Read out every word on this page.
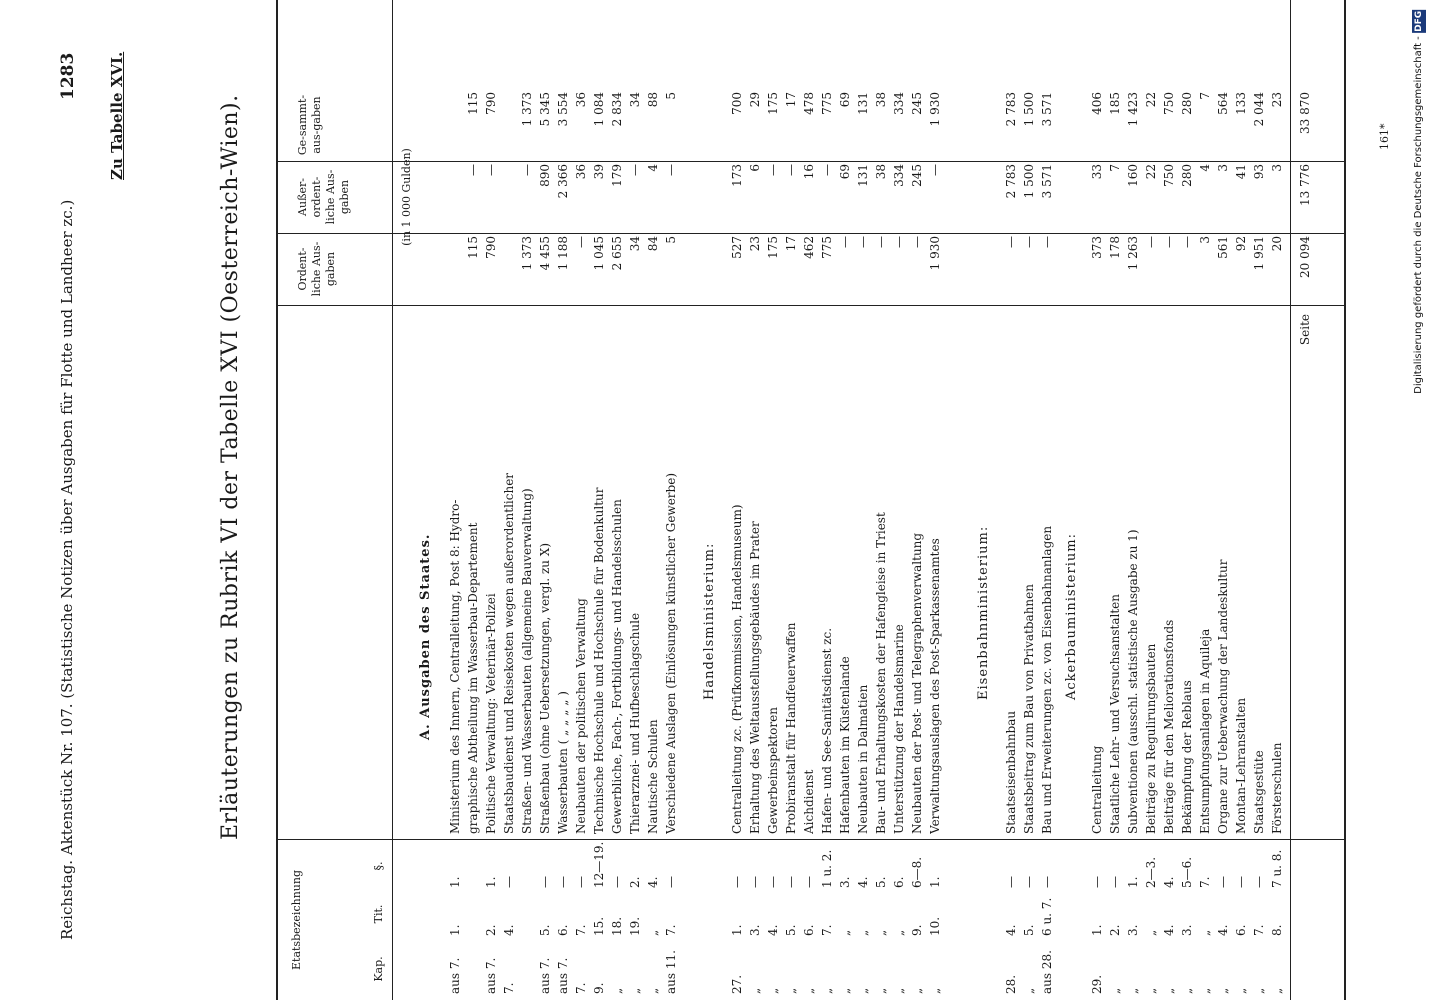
Reichstag. Aktenstück Nr. 107. (Statistische Notizen über Ausgaben für Flotte und Landheer zc.)
1283 Zu Tabelle XVI.	Erläuterungen zu Rubrik VI der Tabelle XVI (Oesterreich-Wien).
Etatsbezeichnung	Kap.
Tit.
§.
Ordent-liche Aus-gaben
Außer-ordent-liche Aus-gaben
Ge-sammt-aus-gaben
(in 1 000 Gulden)
A. Ausgaben des Staates.
aus 7.
1.
1.
Ministerium des Innern, Centralleitung, Post 8: Hydro- graphische Abtheilung im Wasserbau-Departement
115
—
115
aus 7.
2.
1.
Politische Verwaltung: Veterinär-Polizei
790
—
790
7.
4.
—
Staatsbaudienst und Reisekosten wegen außerordentlicher Straßen- und Wasserbauten (allgemeine Bauverwaltung)
1 373
—
1 373
aus 7.
5.
—
Straßenbau (ohne Uebersetzungen, vergl. zu X)
4 455
890
5 345
aus 7.
6.
—
Wasserbauten ( „ „ „ „ )
1 188
2 366
3 554
7.
7.
—
Neubauten der politischen Verwaltung
—
36
36
9.
15.
12—19.
Technische Hochschule und Hochschule für Bodenkultur
1 045
39
1 084
„
18.
—
Gewerbliche, Fach-, Fortbildungs- und Handelsschulen
2 655
179
2 834
„
19.
2.
Thierarznei- und Hufbeschlagschule
34
—
34
„
„
4.
Nautische Schulen
84
4
88
aus 11.
7.
—
Verschiedene Auslagen (Einlösungen künstlicher Gewerbe)
5
—
5
Handelsministerium:
27.
1.
—
Centralleitung zc. (Prüfkommission, Handelsmuseum)
527
173
700
„
3.
—
Erhaltung des Weltausstellungsgebäudes im Prater
23
6
29
„
4.
—
Gewerbeinspektoren
175
—
175
„
5.
—
Probiranstalt für Handfeuerwaffen
17
—
17
„
6.
—
Aichdienst
462
16
478
„
7.
1 u. 2.
Hafen- und See-Sanitätsdienst zc.
775
—
775
„
„
3.
Hafenbauten im Küstenlande
—
69
69
„
„
4.
Neubauten in Dalmatien
—
131
131
„
„
5.
Bau- und Erhaltungskosten der Hafengleise in Triest
—
38
38
„
„
6.
Unterstützung der Handelsmarine
—
334
334
„
9.
6—8.
Neubauten der Post- und Telegraphenverwaltung
—
245
245
„
10.
1.
Verwaltungsauslagen des Post-Sparkassenamtes
1 930
—
1 930
Eisenbahnministerium:
28.
4.
—
Staatseisenbahnbau
—
2 783
2 783
„
5.
—
Staatsbeitrag zum Bau von Privatbahnen
—
1 500
1 500
aus 28.
6 u. 7.
—
Bau und Erweiterungen zc. von Eisenbahnanlagen
—
3 571
3 571
Ackerbauministerium:
29.
1.
—
Centralleitung
373
33
406
„
2.
—
Staatliche Lehr- und Versuchsanstalten
178
7
185
„
3.
1.
Subventionen (ausschl. statistische Ausgabe zu 1)
1 263
160
1 423
„
„
2—3.
Beiträge zu Regulirungsbauten
—
22
22
„
4.
4.
Beiträge für den Meliorationsfonds
—
750
750
„
3.
5—6.
Bekämpfung der Reblaus
—
280
280
„
„
7.
Entsumpfungsanlagen in Aquileja
3
4
7
„
4.
—
Organe zur Ueberwachung der Landeskultur
561
3
564
„
6.
—
Montan-Lehranstalten
92
41
133
„
7.
—
Staatsgestüte
1 951
93
2 044
„
8.
7 u. 8.
Försterschulen
20
3
23
Seite
20 094
13 776
33 870
161* Digitalisierung gefördert durch die Deutsche Forschungsgemeinschaft - DFG
